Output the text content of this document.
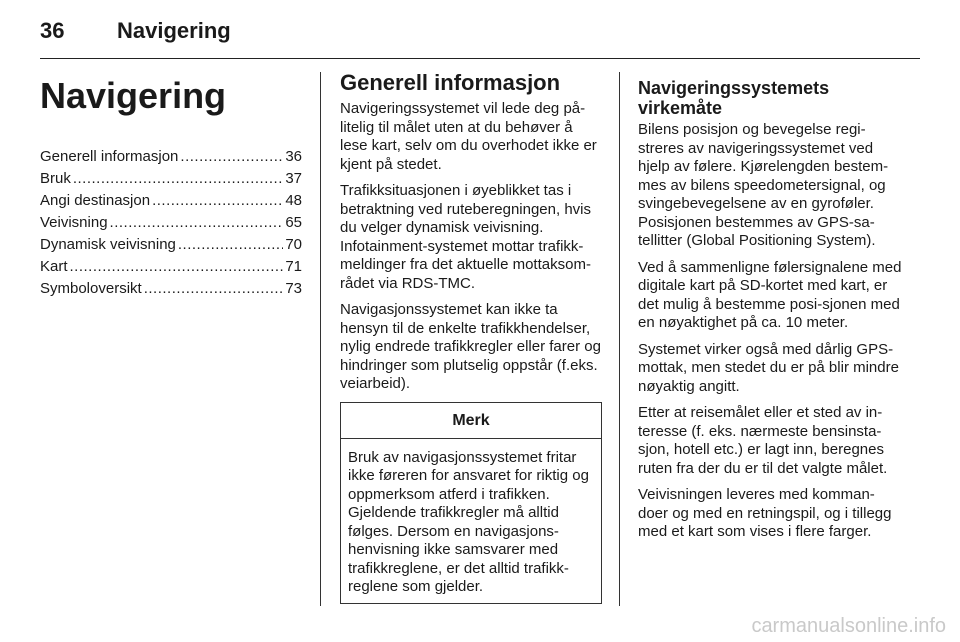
36 Navigering
Navigering
Generell informasjon .....	36
Bruk .....	37
Angi destinasjon .....	48
Veivisning .....	65
Dynamisk veivisning .....	70
Kart .....	71
Symboloversikt .....	73
Generell informasjon

Navigeringssystemet vil lede deg på-litelig til målet uten at du behøver å lese kart, selv om du overhodet ikke er kjent på stedet.

Trafikksituasjonen i øyeblikket tas i betraktning ved ruteberegningen, hvis du velger dynamisk veivisning. Infotainment-systemet mottar trafikk-meldinger fra det aktuelle mottaksom-rådet via RDS-TMC.

Navigasjonssystemet kan ikke ta hensyn til de enkelte trafikkhendelser, nylig endrede trafikkregler eller farer og hindringer som plutselig oppstår (f.eks. veiarbeid).

Merk
Bruk av navigasjonssystemet fritar ikke føreren for ansvaret for riktig og oppmerksom atferd i trafikken. Gjeldende trafikkregler må alltid følges. Dersom en navigasjons-henvisning ikke samsvarer med trafikkreglene, er det alltid trafikk-reglene som gjelder.
Navigeringssystemets virkemåte

Bilens posisjon og bevegelse regi-streres av navigeringssystemet ved hjelp av følere. Kjørelengden bestem-mes av bilens speedometersignal, og svingebevegelsene av en gyroføler. Posisjonen bestemmes av GPS-sa-tellitter (Global Positioning System).

Ved å sammenligne følersignalene med digitale kart på SD-kortet med kart, er det mulig å bestemme posi-sjonen med en nøyaktighet på ca. 10 meter.

Systemet virker også med dårlig GPS-mottak, men stedet du er på blir mindre nøyaktig angitt.

Etter at reisemålet eller et sted av in-teresse (f. eks. nærmeste bensinsta-sjon, hotell etc.) er lagt inn, beregnes ruten fra der du er til det valgte målet.

Veivisningen leveres med komman-doer og med en retningspil, og i tillegg med et kart som vises i flere farger.

carmanualsonline.info
